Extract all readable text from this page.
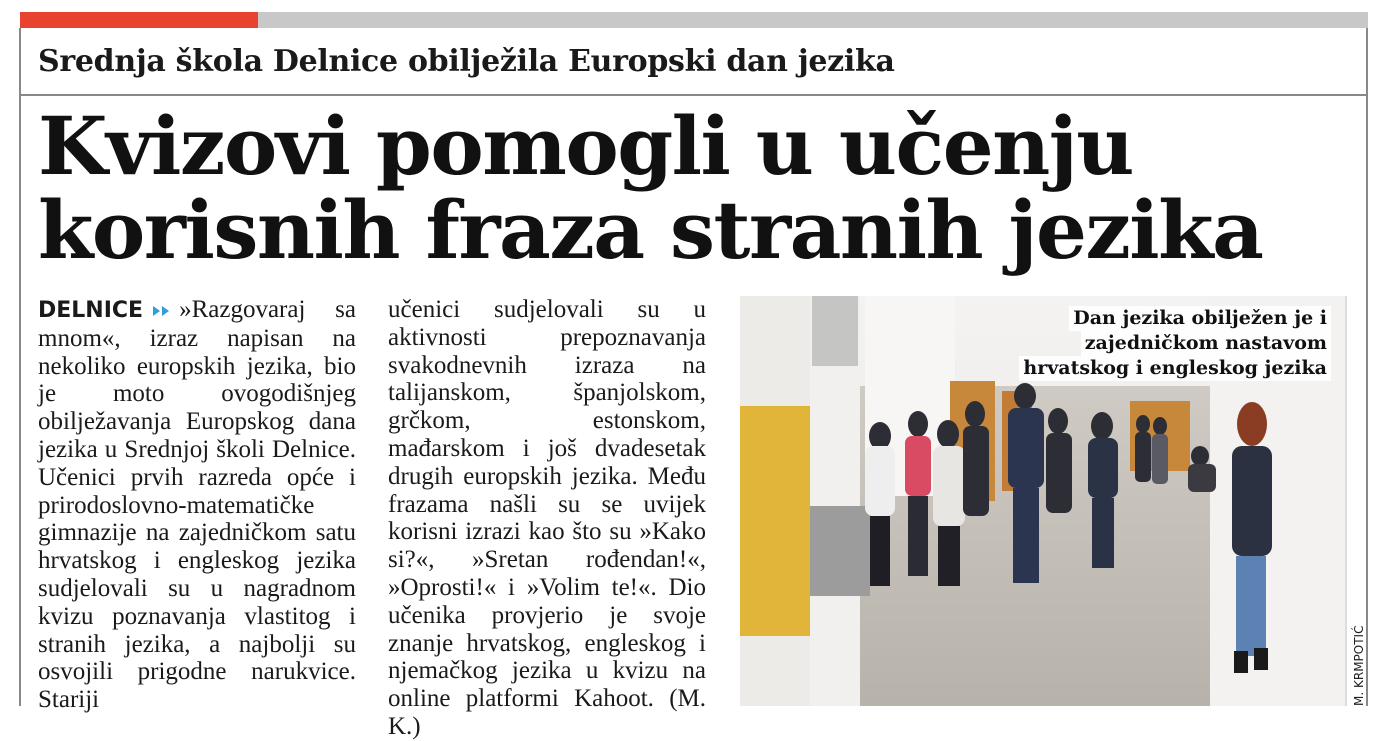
Srednja škola Delnice obilježila Europski dan jezika
Kvizovi pomogli u učenju
korisnih fraza stranih jezika
DELNICE »Razgovaraj sa mnom«, izraz napisan na nekoliko europskih jezika, bio je moto ovogodišnjeg obilježavanja Europskog dana jezika u Srednjoj školi Delnice. Učenici prvih razreda opće i prirodoslovno-matematičke gimnazije na zajedničkom satu hrvatskog i engleskog jezika sudjelovali su u nagradnom kvizu poznavanja vlastitog i stranih jezika, a najbolji su osvojili prigodne narukvice. Stariji
učenici sudjelovali su u aktivnosti prepoznavanja svakodnevnih izraza na talijanskom, španjolskom, grčkom, estonskom, mađarskom i još dvadesetak drugih europskih jezika. Među frazama našli su se uvijek korisni izrazi kao što su »Kako si?«, »Sretan rođendan!«, »Oprosti!« i »Volim te!«. Dio učenika provjerio je svoje znanje hrvatskog, engleskog i njemačkog jezika u kvizu na online platformi Kahoot. (M. K.)
Dan jezika obilježen je i
zajedničkom nastavom
hrvatskog i engleskog jezika
M. KRMPOTIĆ
